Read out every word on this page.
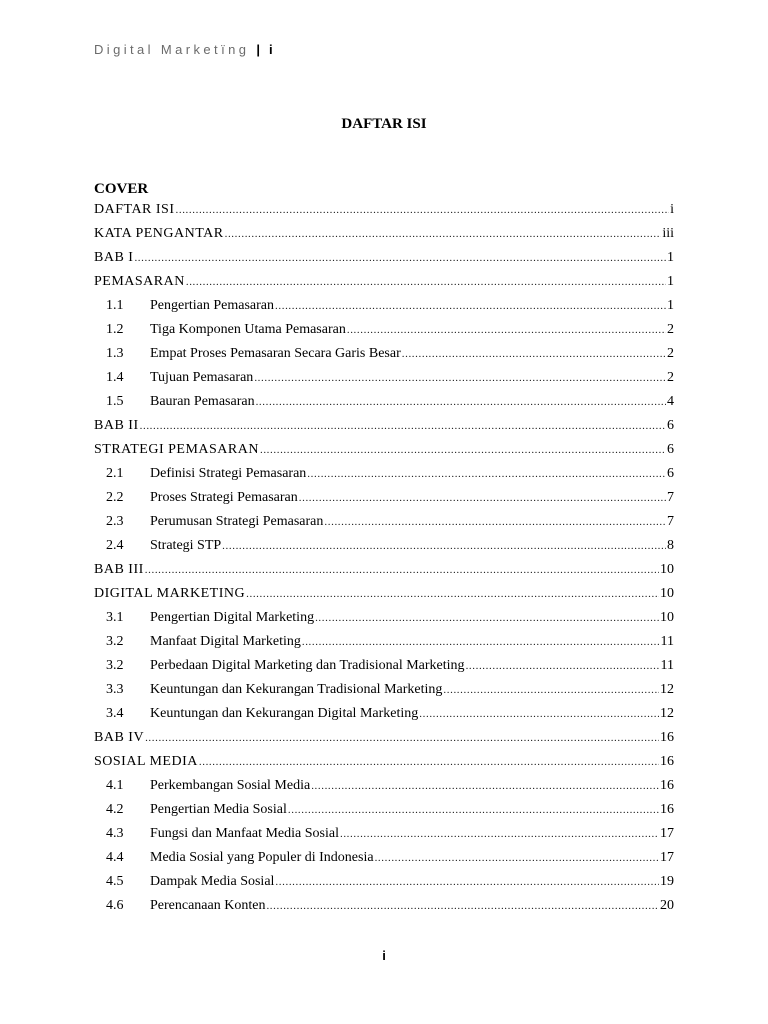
Digital Marketïng | i
DAFTAR ISI
COVER
DAFTAR ISI .....	i
KATA PENGANTAR .....	iii
BAB I .....	1
PEMASARAN .....	1
1.1	Pengertian Pemasaran .....	1
1.2	Tiga Komponen Utama Pemasaran .....	2
1.3	Empat Proses Pemasaran Secara Garis Besar .....	2
1.4	Tujuan Pemasaran .....	2
1.5	Bauran Pemasaran .....	4
BAB II .....	6
STRATEGI PEMASARAN .....	6
2.1	Definisi Strategi Pemasaran .....	6
2.2	Proses Strategi Pemasaran .....	7
2.3	Perumusan Strategi Pemasaran .....	7
2.4	Strategi STP .....	8
BAB III .....	10
DIGITAL MARKETING .....	10
3.1	Pengertian Digital Marketing .....	10
3.2	Manfaat Digital Marketing .....	11
3.2	Perbedaan Digital Marketing dan Tradisional Marketing .....	11
3.3	Keuntungan dan Kekurangan Tradisional Marketing .....	12
3.4	Keuntungan dan Kekurangan Digital Marketing .....	12
BAB IV .....	16
SOSIAL MEDIA .....	16
4.1	Perkembangan Sosial Media .....	16
4.2	Pengertian Media Sosial .....	16
4.3	Fungsi dan Manfaat Media Sosial .....	17
4.4	Media Sosial yang Populer di Indonesia .....	17
4.5	Dampak Media Sosial .....	19
4.6	Perencanaan Konten .....	20
i
